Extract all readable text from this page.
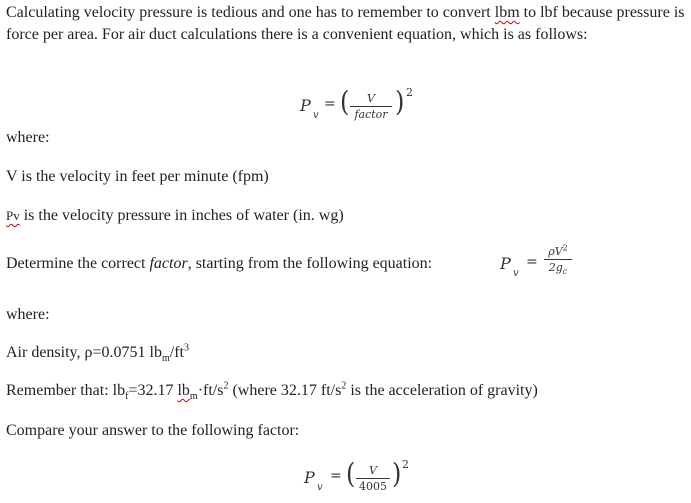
Calculating velocity pressure is tedious and one has to remember to convert lbm to lbf because pressure is force per area. For air duct calculations there is a convenient equation, which is as follows:

P
v
= (	V
factor ) 2

where:

V is the velocity in feet per minute (fpm)

Pv is the velocity pressure in inches of water (in. wg)

Determine the correct factor, starting from the following equation:	P
v
=
$\rho V^2$
$2g_c$

where:

Air density, ρ=0.0751 $lb_m/ft^3$

Remember that: $lb_f=32.17$ $lb_m\cdot ft/s^2$ (where 32.17 $ft/s^2$ is the acceleration of gravity)

Compare your answer to the following factor:

P
v
= (	V
4005 ) 2
